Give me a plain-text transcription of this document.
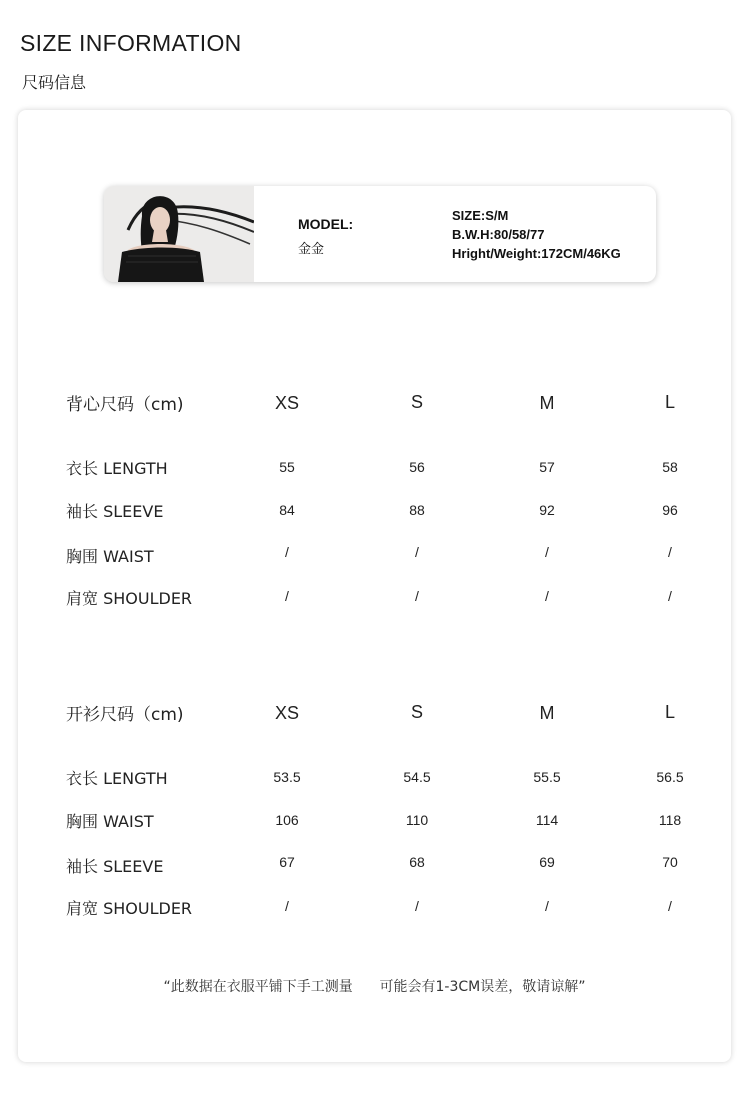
SIZE INFORMATION
尺码信息
MODEL:
金金
SIZE:S/M
B.W.H:80/58/77
Hright/Weight:172CM/46KG
背心尺码（cm)	XS	S	M	L
衣长 LENGTH	55	56	57	58
袖长 SLEEVE	84	88	92	96
胸围 WAIST	/	/	/	/
肩宽 SHOULDER	/	/	/	/
开衫尺码（cm)	XS	S	M	L
衣长 LENGTH	53.5	54.5	55.5	56.5
胸围 WAIST	106	110	114	118
袖长 SLEEVE	67	68	69	70
肩宽 SHOULDER	/	/	/	/
“此数据在衣服平铺下手工测量      可能会有1-3CM误差，敬请谅解”
